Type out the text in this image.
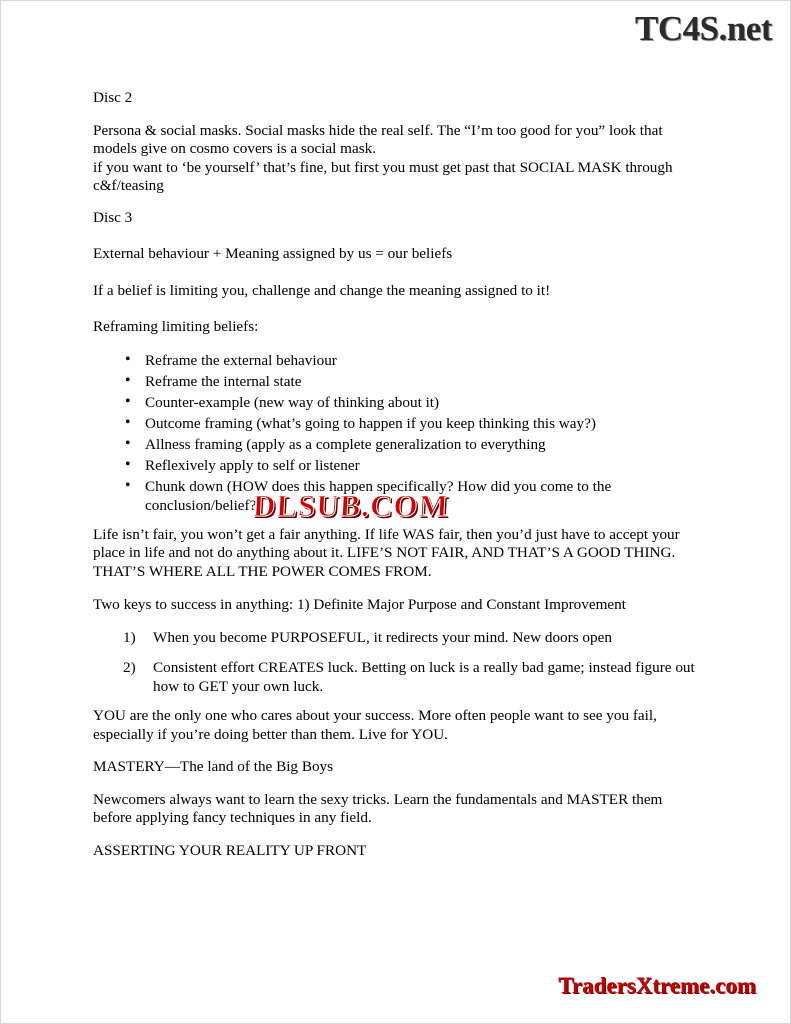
TC4S.net

Disc 2

Persona & social masks. Social masks hide the real self. The “I’m too good for you” look that models give on cosmo covers is a social mask.
if you want to ‘be yourself’ that’s fine, but first you must get past that SOCIAL MASK through c&f/teasing

Disc 3

External behaviour + Meaning assigned by us = our beliefs

If a belief is limiting you, challenge and change the meaning assigned to it!

Reframing limiting beliefs:

• Reframe the external behaviour
• Reframe the internal state
• Counter-example (new way of thinking about it)
• Outcome framing (what’s going to happen if you keep thinking this way?)
• Allness framing (apply as a complete generalization to everything
• Reflexively apply to self or listener
• Chunk down (HOW does this happen specifically? How did you come to the conclusion/belief?)

Life isn’t fair, you won’t get a fair anything. If life WAS fair, then you’d just have to accept your place in life and not do anything about it. LIFE’S NOT FAIR, AND THAT’S A GOOD THING. THAT’S WHERE ALL THE POWER COMES FROM.

Two keys to success in anything: 1) Definite Major Purpose and Constant Improvement

When you become PURPOSEFUL, it redirects your mind. New doors open
Consistent effort CREATES luck. Betting on luck is a really bad game; instead figure out how to GET your own luck.

YOU are the only one who cares about your success. More often people want to see you fail, especially if you’re doing better than them. Live for YOU.

MASTERY—The land of the Big Boys

Newcomers always want to learn the sexy tricks. Learn the fundamentals and MASTER them before applying fancy techniques in any field.

ASSERTING YOUR REALITY UP FRONT

DLSUB.COM
TradersXtreme.com
